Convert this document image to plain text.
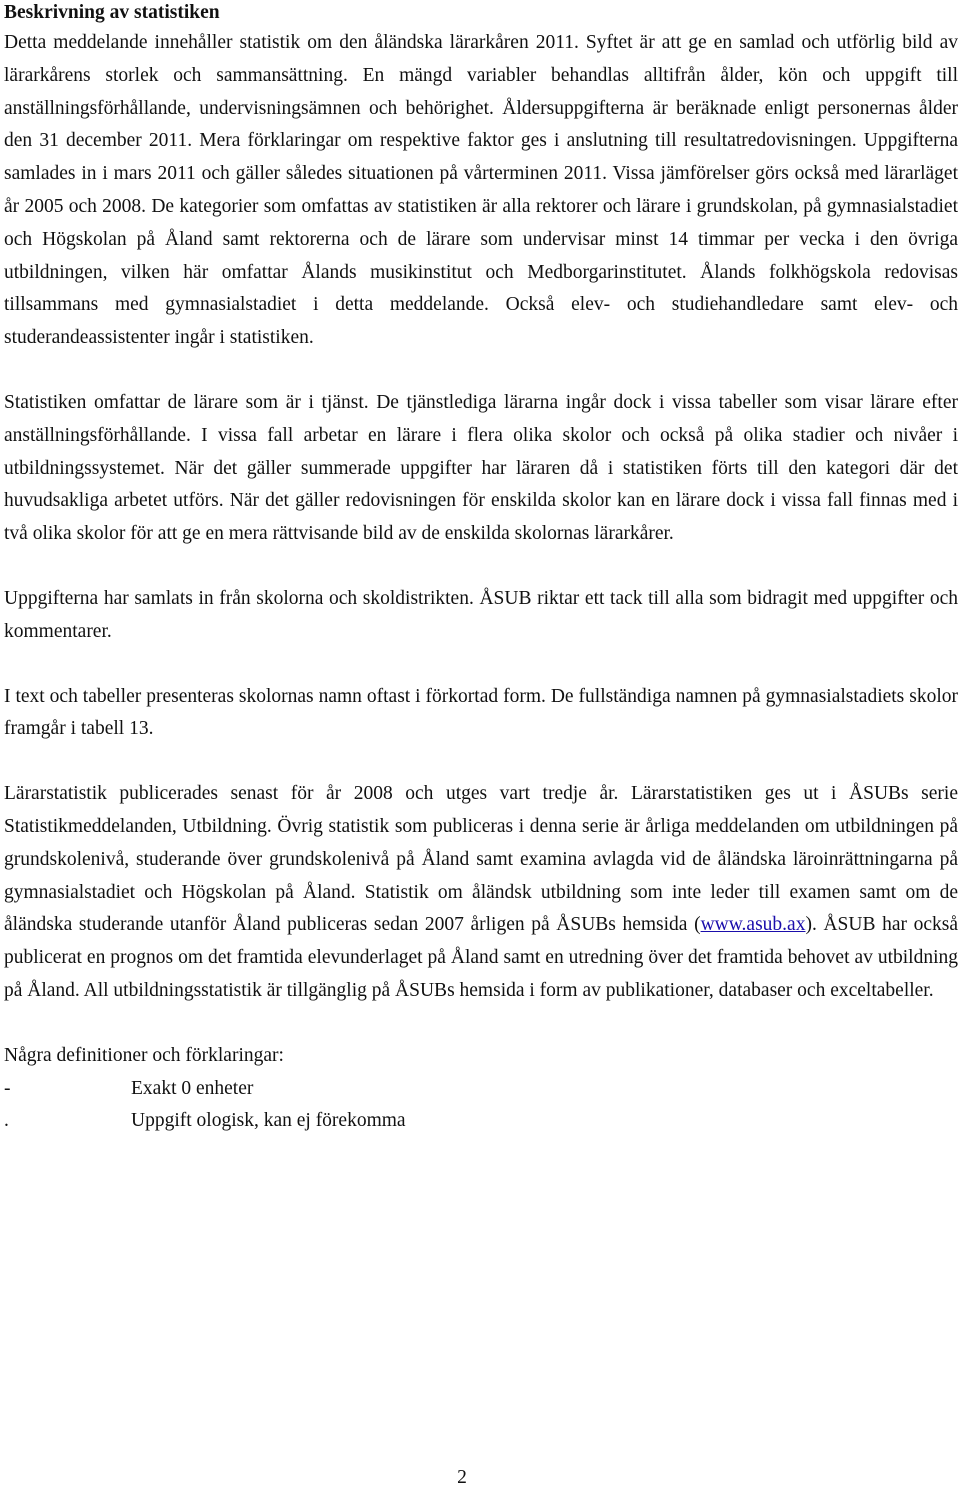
Beskrivning av statistiken

Detta meddelande innehåller statistik om den åländska lärarkåren 2011. Syftet är att ge en samlad och utförlig bild av lärarkårens storlek och sammansättning. En mängd variabler behandlas alltifrån ålder, kön och uppgift till anställningsförhållande, undervisningsämnen och behörighet. Åldersuppgifterna är beräknade enligt personernas ålder den 31 december 2011. Mera förklaringar om respektive faktor ges i anslutning till resultatredovisningen. Uppgifterna samlades in i mars 2011 och gäller således situationen på vårterminen 2011. Vissa jämförelser görs också med lärarläget år 2005 och 2008. De kategorier som omfattas av statistiken är alla rektorer och lärare i grundskolan, på gymnasialstadiet och Högskolan på Åland samt rektorerna och de lärare som undervisar minst 14 timmar per vecka i den övriga utbildningen, vilken här omfattar Ålands musikinstitut och Medborgarinstitutet. Ålands folkhögskola redovisas tillsammans med gymnasialstadiet i detta meddelande. Också elev- och studiehandledare samt elev- och studerandeassistenter ingår i statistiken.

Statistiken omfattar de lärare som är i tjänst. De tjänstlediga lärarna ingår dock i vissa tabeller som visar lärare efter anställningsförhållande. I vissa fall arbetar en lärare i flera olika skolor och också på olika stadier och nivåer i utbildningssystemet. När det gäller summerade uppgifter har läraren då i statistiken förts till den kategori där det huvudsakliga arbetet utförs. När det gäller redovisningen för enskilda skolor kan en lärare dock i vissa fall finnas med i två olika skolor för att ge en mera rättvisande bild av de enskilda skolornas lärarkårer.

Uppgifterna har samlats in från skolorna och skoldistrikten. ÅSUB riktar ett tack till alla som bidragit med uppgifter och kommentarer.

I text och tabeller presenteras skolornas namn oftast i förkortad form. De fullständiga namnen på gymnasialstadiets skolor framgår i tabell 13.

Lärarstatistik publicerades senast för år 2008 och utges vart tredje år. Lärarstatistiken ges ut i ÅSUBs serie Statistikmeddelanden, Utbildning. Övrig statistik som publiceras i denna serie är årliga meddelanden om utbildningen på grundskolenivå, studerande över grundskolenivå på Åland samt examina avlagda vid de åländska läroinrättningarna på gymnasialstadiet och Högskolan på Åland. Statistik om åländsk utbildning som inte leder till examen samt om de åländska studerande utanför Åland publiceras sedan 2007 årligen på ÅSUBs hemsida (www.asub.ax). ÅSUB har också publicerat en prognos om det framtida elevunderlaget på Åland samt en utredning över det framtida behovet av utbildning på Åland. All utbildningsstatistik är tillgänglig på ÅSUBs hemsida i form av publikationer, databaser och exceltabeller.

Några definitioner och förklaringar:

-	Exakt 0 enheter
.	Uppgift ologisk, kan ej förekomma
2
